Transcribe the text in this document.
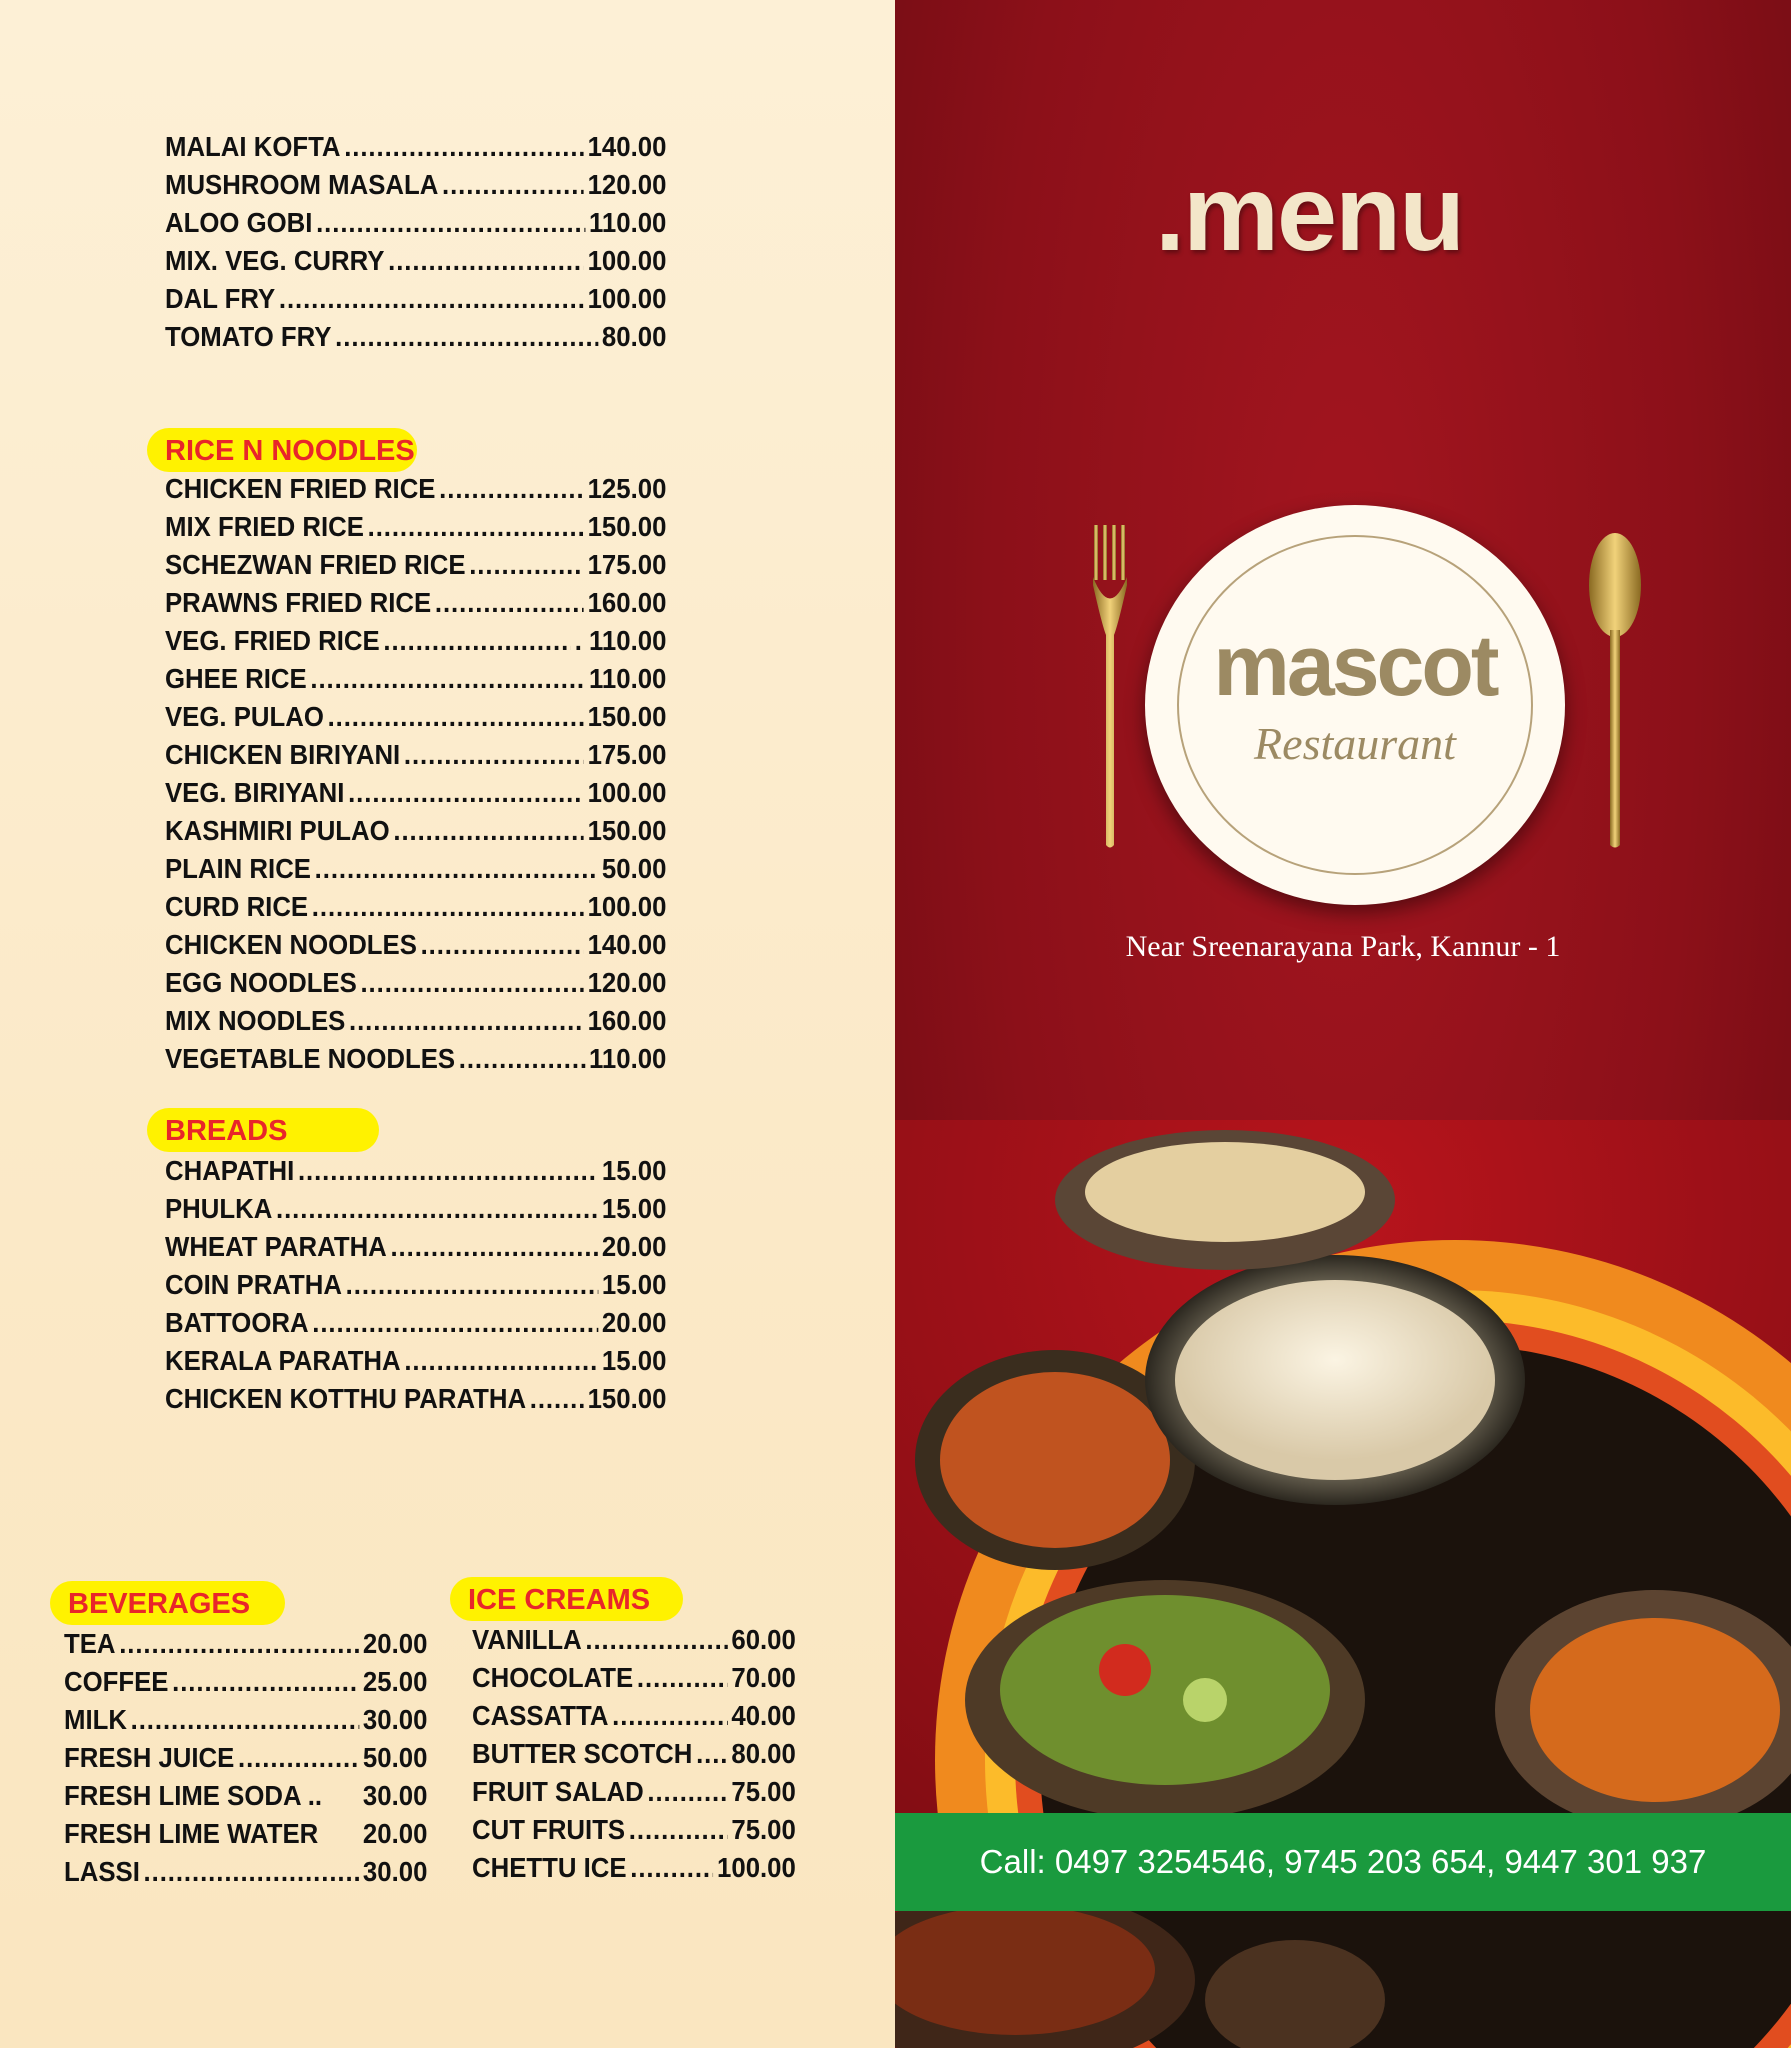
MALAI KOFTA .....	140.00
MUSHROOM MASALA .....	120.00
ALOO GOBI .....	110.00
MIX. VEG. CURRY .....	100.00
DAL FRY .....	100.00
TOMATO FRY .....	80.00
RICE N NOODLES
CHICKEN FRIED RICE .....	125.00
MIX FRIED RICE .....	150.00
SCHEZWAN FRIED RICE .....	175.00
PRAWNS FRIED RICE .....	160.00
VEG. FRIED RICE .....	. 110.00
GHEE RICE .....	110.00
VEG. PULAO .....	150.00
CHICKEN BIRIYANI .....	175.00
VEG. BIRIYANI .....	100.00
KASHMIRI PULAO .....	150.00
PLAIN RICE .....	50.00
CURD RICE .....	100.00
CHICKEN NOODLES .....	140.00
EGG NOODLES .....	120.00
MIX NOODLES .....	160.00
VEGETABLE NOODLES .....	110.00
BREADS
CHAPATHI .....	15.00
PHULKA .....	15.00
WHEAT PARATHA .....	20.00
COIN PRATHA .....	15.00
BATTOORA .....	20.00
KERALA PARATHA .....	15.00
CHICKEN KOTTHU PARATHA ..... 150.00
BEVERAGES
TEA .....	20.00
COFFEE .....	25.00
MILK .....	30.00
FRESH JUICE .....	50.00
FRESH LIME SODA .. 30.00
FRESH LIME WATER 20.00
LASSI .....	30.00
ICE CREAMS
VANILLA .....	60.00
CHOCOLATE .....	70.00
CASSATTA .....	40.00
BUTTER SCOTCH ..... 80.00
FRUIT SALAD .....	75.00
CUT FRUITS .....	75.00
CHETTU ICE .....	100.00
.menu
mascot
Restaurant
Near Sreenarayana Park, Kannur - 1
Call: 0497 3254546, 9745 203 654, 9447 301 937
